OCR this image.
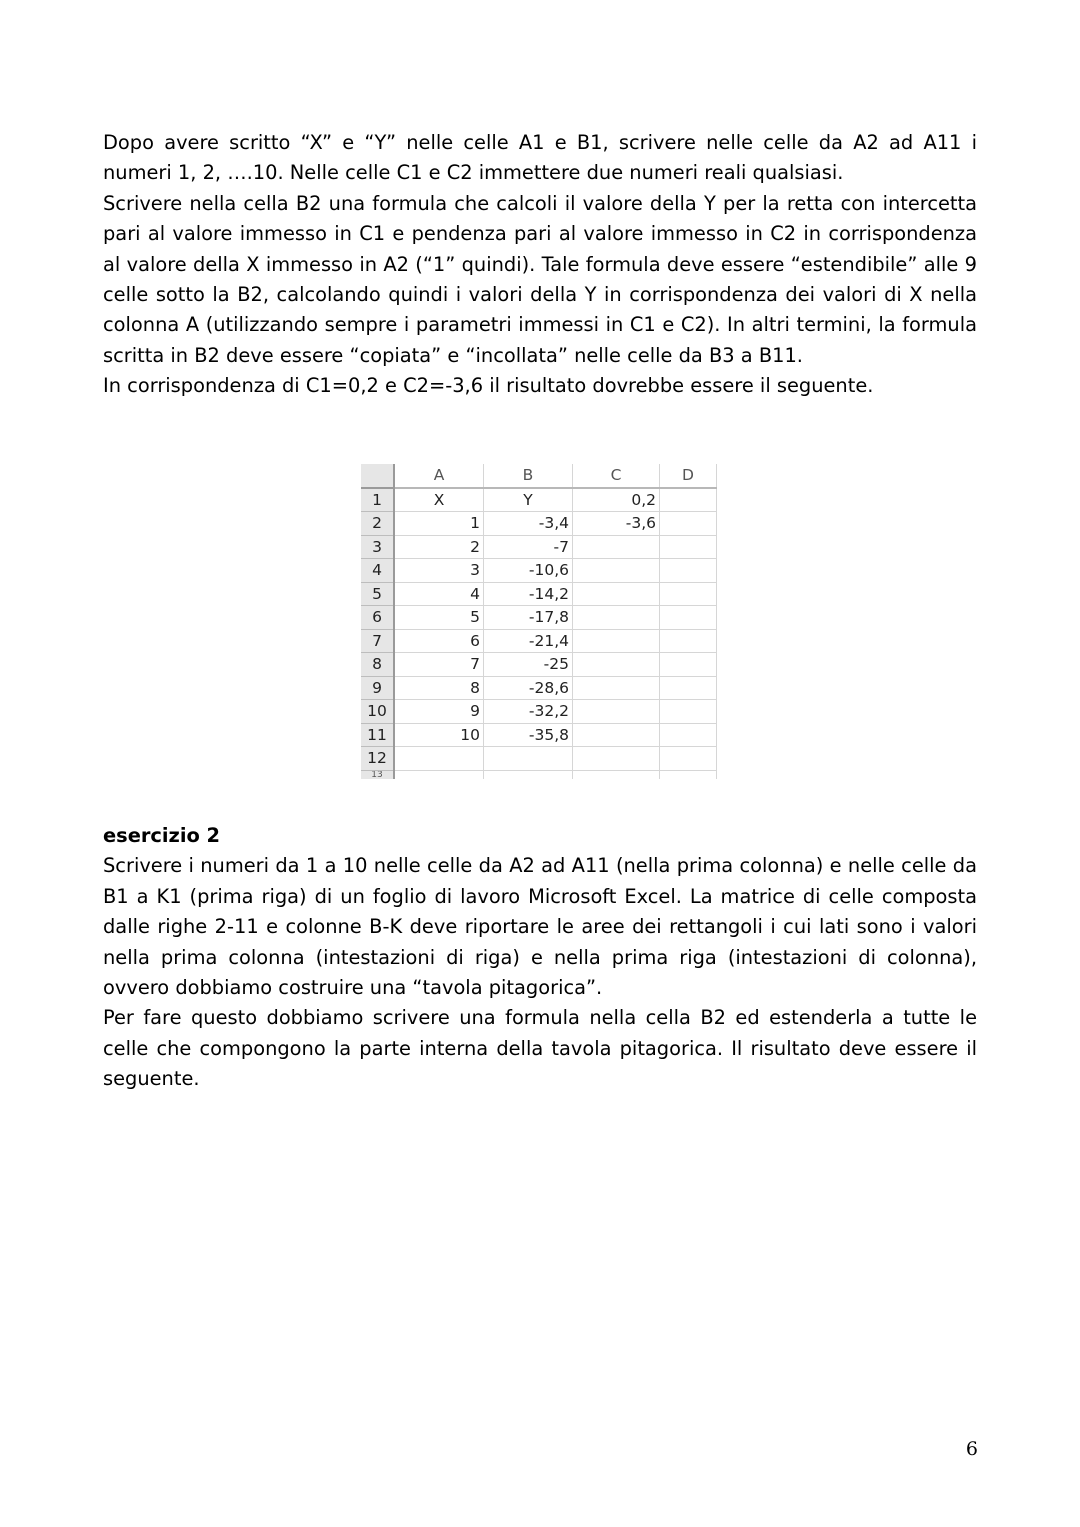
Dopo avere scritto “X” e “Y” nelle celle A1 e B1, scrivere nelle celle da A2 ad A11 i numeri 1, 2, ….10. Nelle celle C1 e C2 immettere due numeri reali qualsiasi.

Scrivere nella cella B2 una formula che calcoli il valore della Y per la retta con intercetta pari al valore immesso in C1 e pendenza pari al valore immesso in C2 in corrispondenza al valore della X immesso in A2 (“1” quindi). Tale formula deve essere “estendibile” alle 9 celle sotto la B2, calcolando quindi i valori della Y in corrispondenza dei valori di X nella colonna A (utilizzando sempre i parametri immessi in C1 e C2). In altri termini, la formula scritta in B2 deve essere “copiata” e “incollata” nelle celle da B3 a B11.

In corrispondenza di C1=0,2 e C2=-3,6 il risultato dovrebbe essere il seguente.

	A	B	C	D
1	X	Y	0,2	
2	1	-3,4	-3,6	
3	2	-7		
4	3	-10,6		
5	4	-14,2		
6	5	-17,8		
7	6	-21,4		
8	7	-25		
9	8	-28,6		
10	9	-32,2		
11	10	-35,8		
12				
13				

esercizio 2

Scrivere i numeri da 1 a 10 nelle celle da A2 ad A11 (nella prima colonna) e nelle celle da B1 a K1 (prima riga) di un foglio di lavoro Microsoft Excel. La matrice di celle composta dalle righe 2-11 e colonne B-K deve riportare le aree dei rettangoli i cui lati sono i valori nella prima colonna (intestazioni di riga) e nella prima riga (intestazioni di colonna), ovvero dobbiamo costruire una “tavola pitagorica”.

Per fare questo dobbiamo scrivere una formula nella cella B2 ed estenderla a tutte le celle che compongono la parte interna della tavola pitagorica. Il risultato deve essere il seguente.

6
